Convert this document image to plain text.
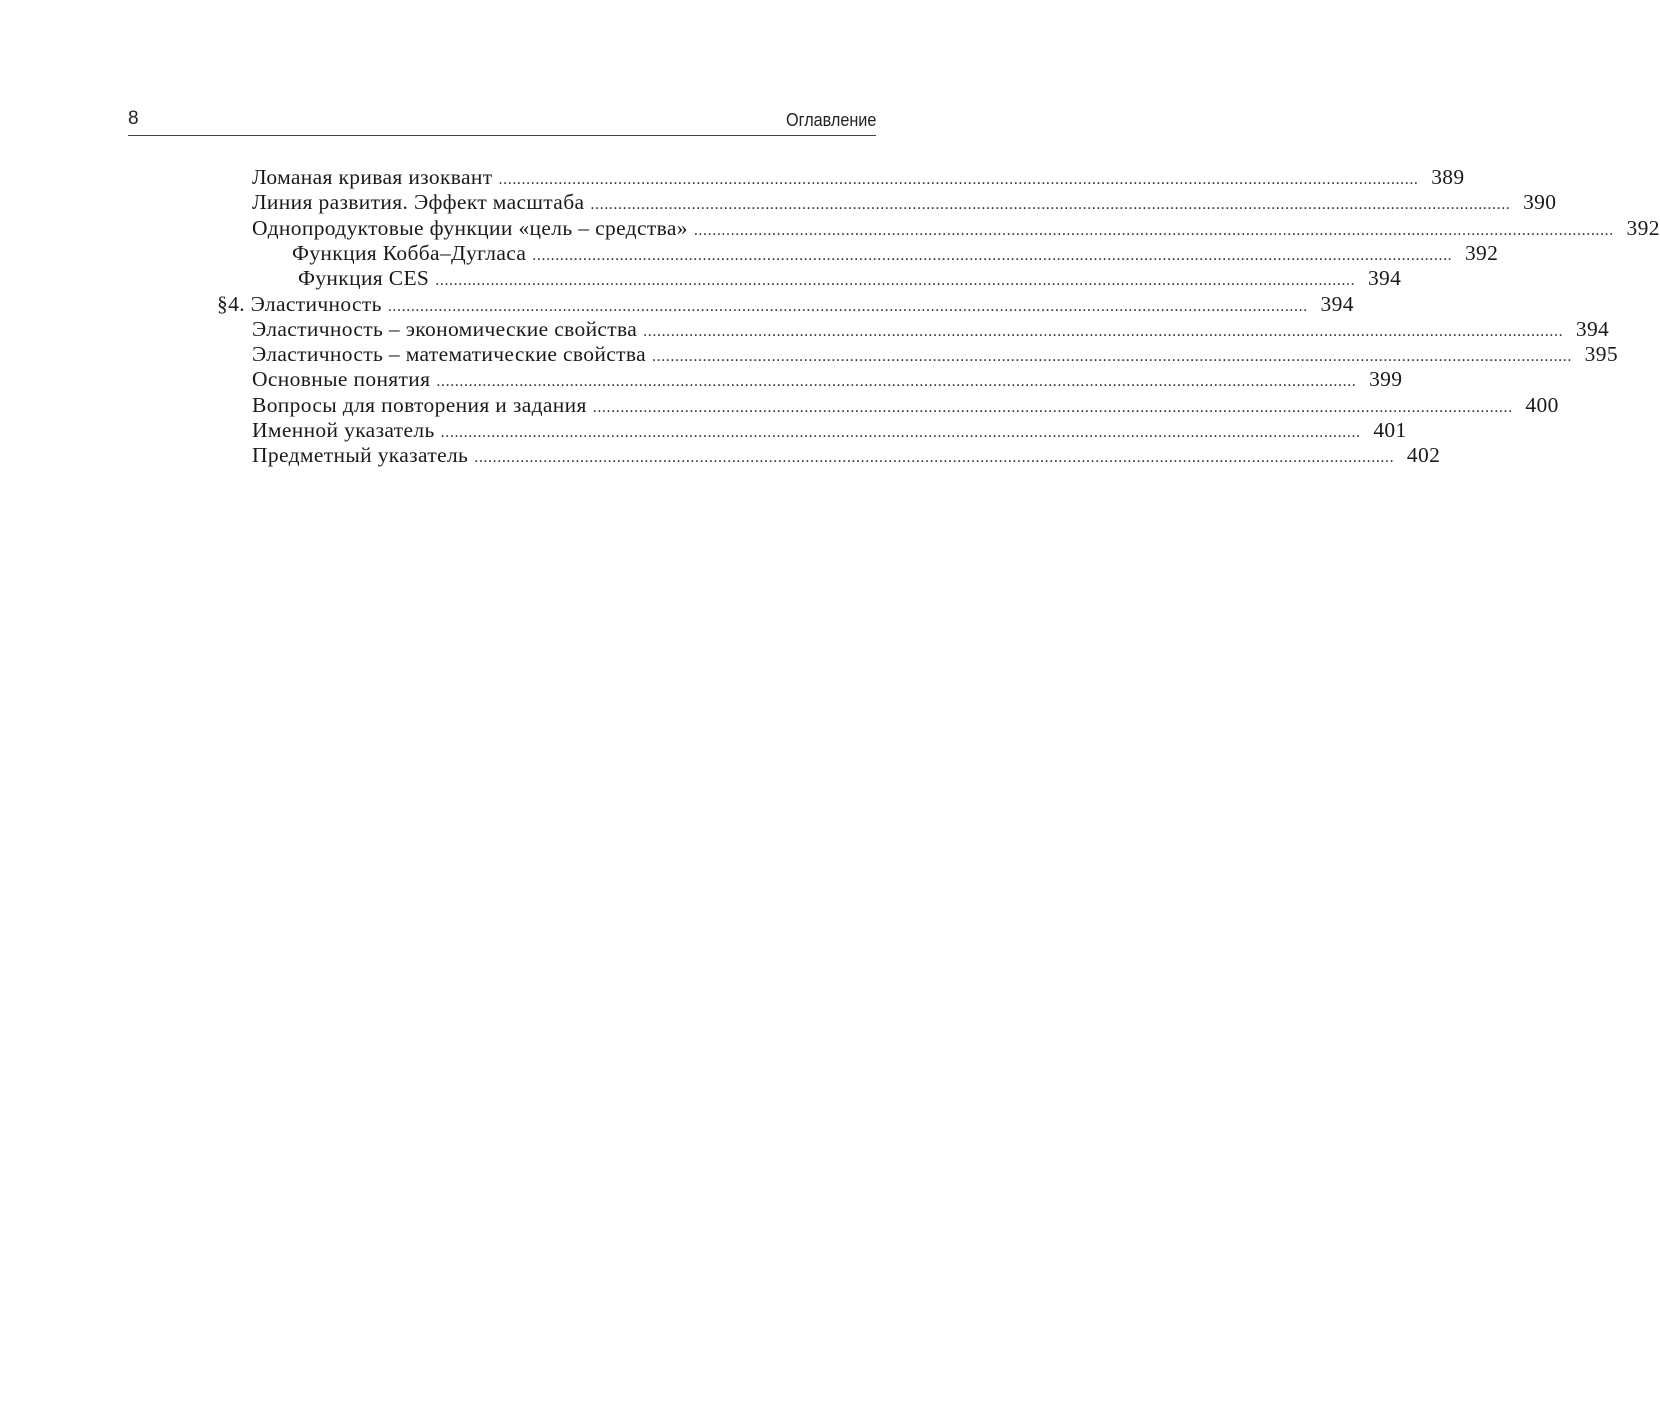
8	Оглавление
Ломаная кривая изоквант ........................................................................................................................................................................................................ 389
Линия развития. Эффект масштаба ........................................................................................................................................................................................................ 390
Однопродуктовые функции «цель – средства» ........................................................................................................................................................................................................ 392
Функция Кобба–Дугласа ........................................................................................................................................................................................................ 392
Функция CES ........................................................................................................................................................................................................ 394
§4. Эластичность ........................................................................................................................................................................................................ 394
Эластичность – экономические свойства ........................................................................................................................................................................................................ 394
Эластичность – математические свойства ........................................................................................................................................................................................................ 395
Основные понятия ........................................................................................................................................................................................................ 399
Вопросы для повторения и задания ........................................................................................................................................................................................................ 400
Именной указатель ........................................................................................................................................................................................................ 401
Предметный указатель ........................................................................................................................................................................................................ 402
